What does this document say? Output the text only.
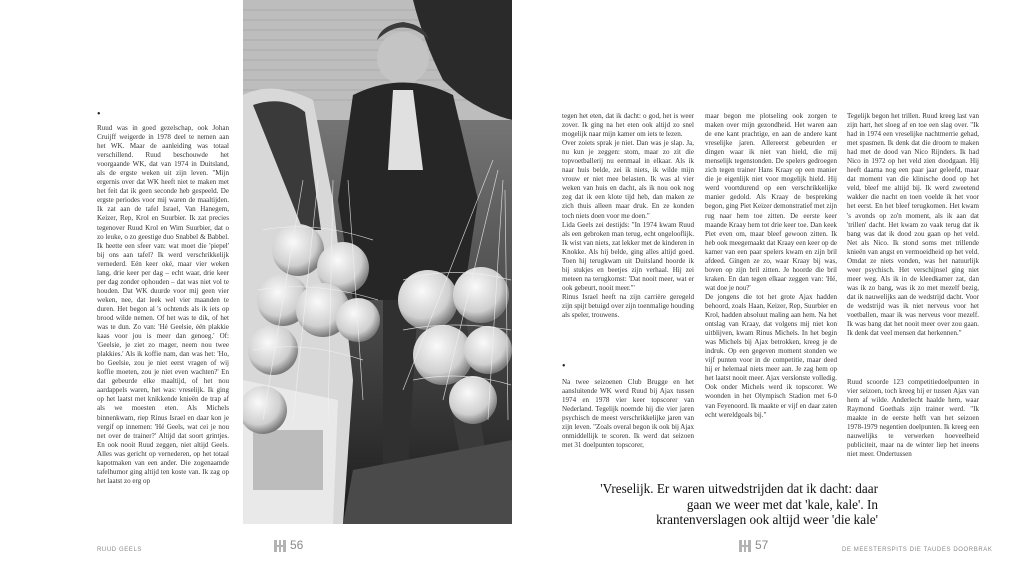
•

Ruud was in goed gezelschap, ook Johan Cruijff weigerde in 1978 deel te nemen aan het WK. Maar de aanleiding was totaal verschillend. Ruud beschouwde het voorgaande WK, dat van 1974 in Duitsland, als de ergste weken uit zijn leven. "Mijn ergernis over dat WK heeft niet te maken met het feit dat ik geen seconde heb gespeeld. De ergste periodes voor mij waren de maaltijden. Ik zat aan de tafel Israel, Van Hanegem, Keizer, Rep, Krol en Suurbier. Ik zat precies tegenover Ruud Krol en Wim Suurbier, dat o zo leuke, o zo geestige duo Snabbel & Babbel. Ik heette een sfeer van: wat moet die 'piepel' bij ons aan tafel? Ik werd verschrikkelijk vernederd. Eén keer oké, maar vier weken lang, drie keer per dag – echt waar, drie keer per dag zonder ophouden – dat was niet vol te houden. Dat WK duurde voor mij geen vier weken, nee, dat leek wel vier maanden te duren. Het begon al 's ochtends als ik iets op brood wilde nemen. Of het was te dik, of het was te dun. Zo van: 'Hé Geelsie, één plakkie kaas voor jou is meer dan genoeg.' Of: 'Geelsie, je ziet zo mager, neem nou twee plakkies.' Als ik koffie nam, dan was het: 'Ho, bo Geelsie, zou je niet eerst vragen of wij koffie moeten, zou je niet even wachten?' En dat gebeurde elke maaltijd, of het nou aardappels waren, het was: vreselijk. Ik ging op het laatst met knikkende knieën de trap af als we moesten eten. Als Michels binnenkwam, riep Rinus Israel en daar kon je vergif op innemen: 'Hé Geels, wat cei je nou net over de trainer?' Altijd dat soort grintjes. En ook nooit Ruud zeggen, niet altijd Geels. Alles was gericht op vernederen, op het totaal kapotmaken van een ander. Die zogenaamde tafelhumor ging altijd ten koste van. Ik zag op het laatst zo erg op

RUUD GEELS	56

tegen het eten, dat ik dacht: o god, het is weer zover. Ik ging na het eten ook altijd zo snel mogelijk naar mijn kamer om iets te lezen.

Over zoiets sprak je niet. Dan was je slap. Ja, nu kun je zeggen: stom, maar zo zit die topvoetballerij nu eenmaal in elkaar. Als ik naar huis belde, zei ik niets, ik wilde mijn vrouw er niet mee belasten. Ik was al vier weken van huis en dacht, als ik nou ook nog zeg dat ik een klote tijd heb, dan maken ze zich thuis alleen maar druk. En ze konden toch niets doen voor me doen."

Lida Geels zei destijds: "In 1974 kwam Ruud als een gebroken man terug, echt ongelooflijk. Ik wist van niets, zat lekker met de kinderen in Knokke. Als hij belde, ging alles altijd goed. Toen hij terugkwam uit Duitsland hoorde ik bij stukjes en beetjes zijn verhaal. Hij zei meteen na terugkomst: 'Dat nooit meer, wat er ook gebeurt, nooit meer.'"

Rinus Israel heeft na zijn carrière geregeld zijn spijt betuigd over zijn toenmalige houding als speler, trouwens.

•

Na twee seizoenen Club Brugge en het aansluitende WK werd Ruud bij Ajax tussen 1974 en 1978 vier keer topscorer van Nederland. Tegelijk noemde hij die vier jaren psychisch de meest verschrikkelijke jaren van zijn leven. "Zoals overal begon ik ook bij Ajax onmiddellijk te scoren. Ik werd dat seizoen met 31 doelpunten topscorer,

maar begon me plotseling ook zorgen te maken over mijn gezondheid. Het waren aan de ene kant prachtige, en aan de andere kant vreselijke jaren. Allereerst gebeurden er dingen waar ik niet van hield, die mij menselijk tegenstonden. De spelers gedroegen zich tegen trainer Hans Kraay op een manier die je eigenlijk niet voor mogelijk hield. Hij werd voortdurend op een verschrikkelijke manier gedold. Als Kraay de bespreking begon, ging Piet Keizer demonstratief met zijn rug naar hem toe zitten. De eerste keer maande Kraay hem tot drie keer toe. Dan keek Piet even om, maar bleef gewoon zitten. Ik heb ook meegemaakt dat Kraay een keer op de kamer van een paar spelers kwam en zijn bril afdeed. Gingen ze zo, waar Kraay bij was, boven op zijn bril zitten. Je hoorde die bril kraken. En dan tegen elkaar zeggen van: 'Hé, wat doe je nou?'

De jongens die tot het grote Ajax hadden behoord, zoals Haan, Keizer, Rep, Suurbier en Krol, hadden absoluut maling aan hem. Na het ontslag van Kraay, dat volgens mij niet kon uitblijven, kwam Rinus Michels. In het begin was Michels bij Ajax betrokken, kreeg je de indruk. Op een gegeven moment stonden we vijf punten voor in de competitie, maar deed hij er helemaal niets meer aan. Je zag hem op het laatst nooit meer. Ajax verslonste volledig. Ook onder Michels werd ik topscorer. We woonden in het Olympisch Stadion met 6-0 van Feyenoord. Ik maakte er vijf en daar zaten echt wereldgoals bij."

Tegelijk begon het trillen. Ruud kreeg last van zijn hart, het sloeg af en toe een slag over. "Ik had in 1974 een vreselijke nachtmerrie gehad, met spasmen. Ik denk dat die droom te maken had met de dood van Nico Rijnders. Ik had Nico in 1972 op het veld zien doodgaan. Hij heeft daarna nog een paar jaar geleefd, maar dat moment van die klinische dood op het veld, bleef me altijd bij. Ik werd zweetend wakker die nacht en toen voelde ik het voor het eerst. En het bleef terugkomen. Het kwam 's avonds op zo'n moment, als ik aan dat 'trillen' dacht. Het kwam zo vaak terug dat ik bang was dat ik dood zou gaan op het veld. Net als Nico. Ik stond soms met trillende knieën van angst en vermoeidheid op het veld. Omdat ze niets vonden, was het natuurlijk weer psychisch. Het verschijnsel ging niet meer weg. Als ik in de kleedkamer zat, dan was ik zo bang, was ik zo met mezelf bezig, dat ik nauwelijks aan de wedstrijd dacht. Voor de wedstrijd was ik niet nerveus voor het voetballen, maar ik was nerveus voor mezelf. Ik was bang dat het nooit meer over zou gaan. Ik denk dat veel mensen dat herkennen."

Ruud scoorde 123 competitiedoelpunten in vier seizoen, toch kreeg hij er tussen Ajax van hem af wilde. Anderlecht haalde hem, waar Raymond Goethals zijn trainer werd. "Ik maakte in de eerste helft van het seizoen 1978-1979 negentien doelpunten. Ik kreeg een nauwelijks te verwerken hoeveelheid publiciteit, maar na de winter liep het ineens niet meer. Ondertussen

57	DE MEESTERSPITS DIE TAUDES DOORBRAK
'Vreselijk. Er waren uitwedstrijden dat ik dacht: daar gaan we weer met dat 'kale, kale'. In krantenverslagen ook altijd weer 'die kale'
